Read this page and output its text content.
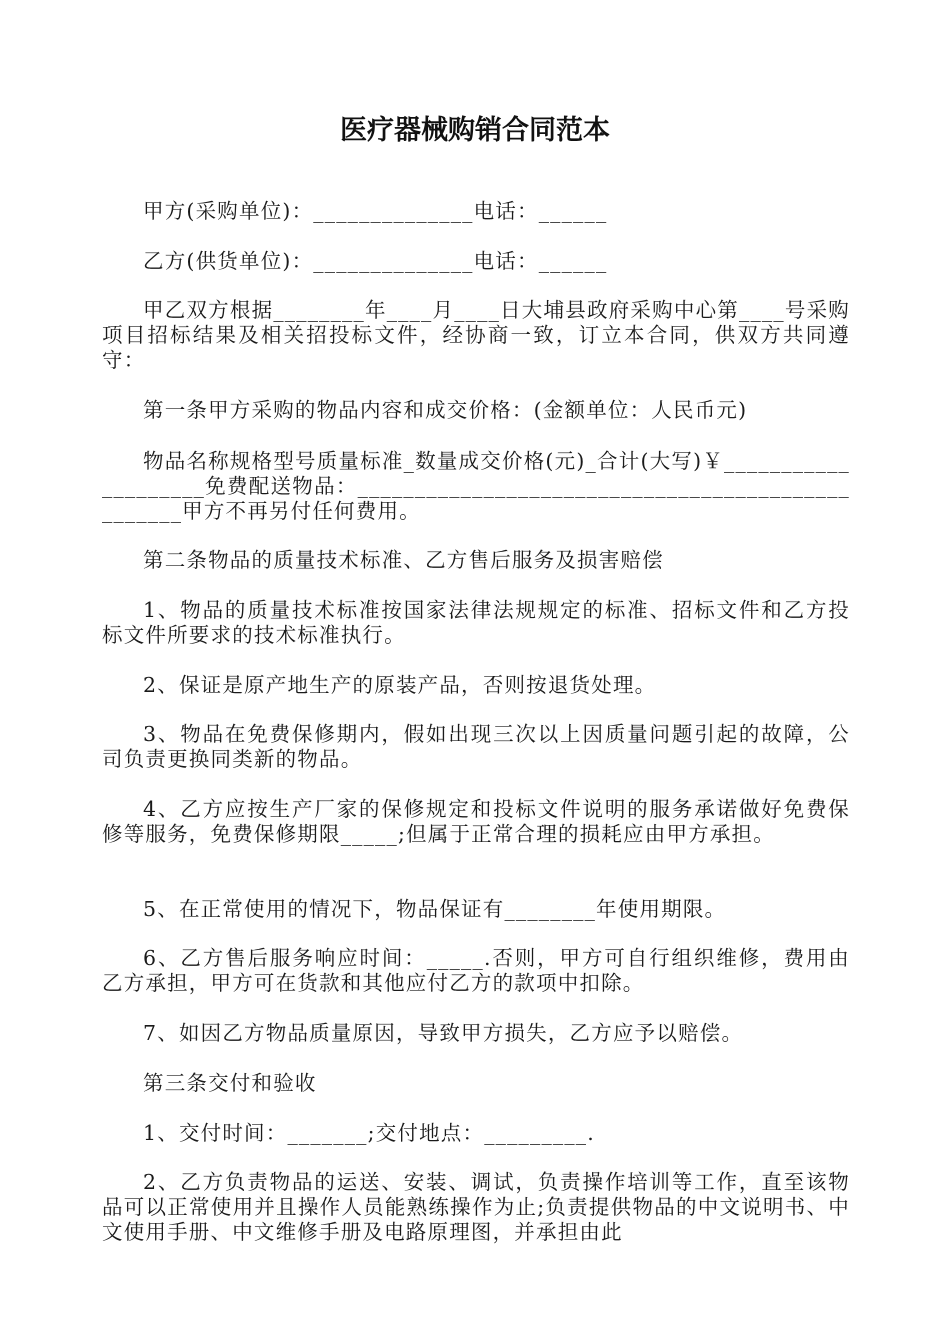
医疗器械购销合同范本
甲方(采购单位)：______________电话：______
乙方(供货单位)：______________电话：______
甲乙双方根据________年____月____日大埔县政府采购中心第____号采购项目招标结果及相关招投标文件，经协商一致，订立本合同，供双方共同遵守：
第一条甲方采购的物品内容和成交价格：(金额单位：人民币元)
物品名称规格型号质量标准_数量成交价格(元)_合计(大写)￥____________________免费配送物品：__________________________________________________甲方不再另付任何费用。
第二条物品的质量技术标准、乙方售后服务及损害赔偿
1、物品的质量技术标准按国家法律法规规定的标准、招标文件和乙方投标文件所要求的技术标准执行。
2、保证是原产地生产的原装产品，否则按退货处理。
3、物品在免费保修期内，假如出现三次以上因质量问题引起的故障，公司负责更换同类新的物品。
4、乙方应按生产厂家的保修规定和投标文件说明的服务承诺做好免费保修等服务，免费保修期限_____;但属于正常合理的损耗应由甲方承担。
5、在正常使用的情况下，物品保证有________年使用期限。
6、乙方售后服务响应时间：_____.否则，甲方可自行组织维修，费用由乙方承担，甲方可在货款和其他应付乙方的款项中扣除。
7、如因乙方物品质量原因，导致甲方损失，乙方应予以赔偿。
第三条交付和验收
1、交付时间：_______;交付地点：_________.
2、乙方负责物品的运送、安装、调试，负责操作培训等工作，直至该物品可以正常使用并且操作人员能熟练操作为止;负责提供物品的中文说明书、中文使用手册、中文维修手册及电路原理图，并承担由此
